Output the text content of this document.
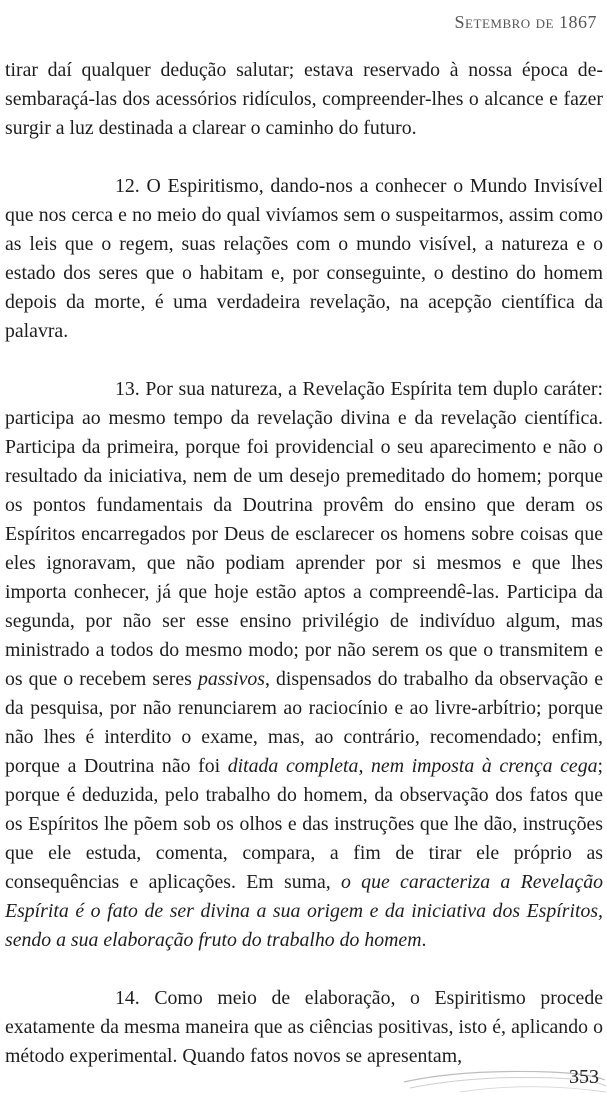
Setembro de 1867

tirar daí qualquer dedução salutar; estava reservado à nossa época desembaraçá-las dos acessórios ridículos, compreender-lhes o alcance e fazer surgir a luz destinada a clarear o caminho do futuro.

12. O Espiritismo, dando-nos a conhecer o Mundo Invisível que nos cerca e no meio do qual vivíamos sem o suspeitarmos, assim como as leis que o regem, suas relações com o mundo visível, a natureza e o estado dos seres que o habitam e, por conseguinte, o destino do homem depois da morte, é uma verdadeira revelação, na acepção científica da palavra.

13. Por sua natureza, a Revelação Espírita tem duplo caráter: participa ao mesmo tempo da revelação divina e da revelação científica. Participa da primeira, porque foi providencial o seu aparecimento e não o resultado da iniciativa, nem de um desejo premeditado do homem; porque os pontos fundamentais da Doutrina provêm do ensino que deram os Espíritos encarregados por Deus de esclarecer os homens sobre coisas que eles ignoravam, que não podiam aprender por si mesmos e que lhes importa conhecer, já que hoje estão aptos a compreendê-las. Participa da segunda, por não ser esse ensino privilégio de indivíduo algum, mas ministrado a todos do mesmo modo; por não serem os que o transmitem e os que o recebem seres passivos, dispensados do trabalho da observação e da pesquisa, por não renunciarem ao raciocínio e ao livre-arbítrio; porque não lhes é interdito o exame, mas, ao contrário, recomendado; enfim, porque a Doutrina não foi ditada completa, nem imposta à crença cega; porque é deduzida, pelo trabalho do homem, da observação dos fatos que os Espíritos lhe põem sob os olhos e das instruções que lhe dão, instruções que ele estuda, comenta, compara, a fim de tirar ele próprio as consequências e aplicações. Em suma, o que caracteriza a Revelação Espírita é o fato de ser divina a sua origem e da iniciativa dos Espíritos, sendo a sua elaboração fruto do trabalho do homem.

14. Como meio de elaboração, o Espiritismo procede exatamente da mesma maneira que as ciências positivas, isto é, aplicando o método experimental. Quando fatos novos se apresentam,

353
